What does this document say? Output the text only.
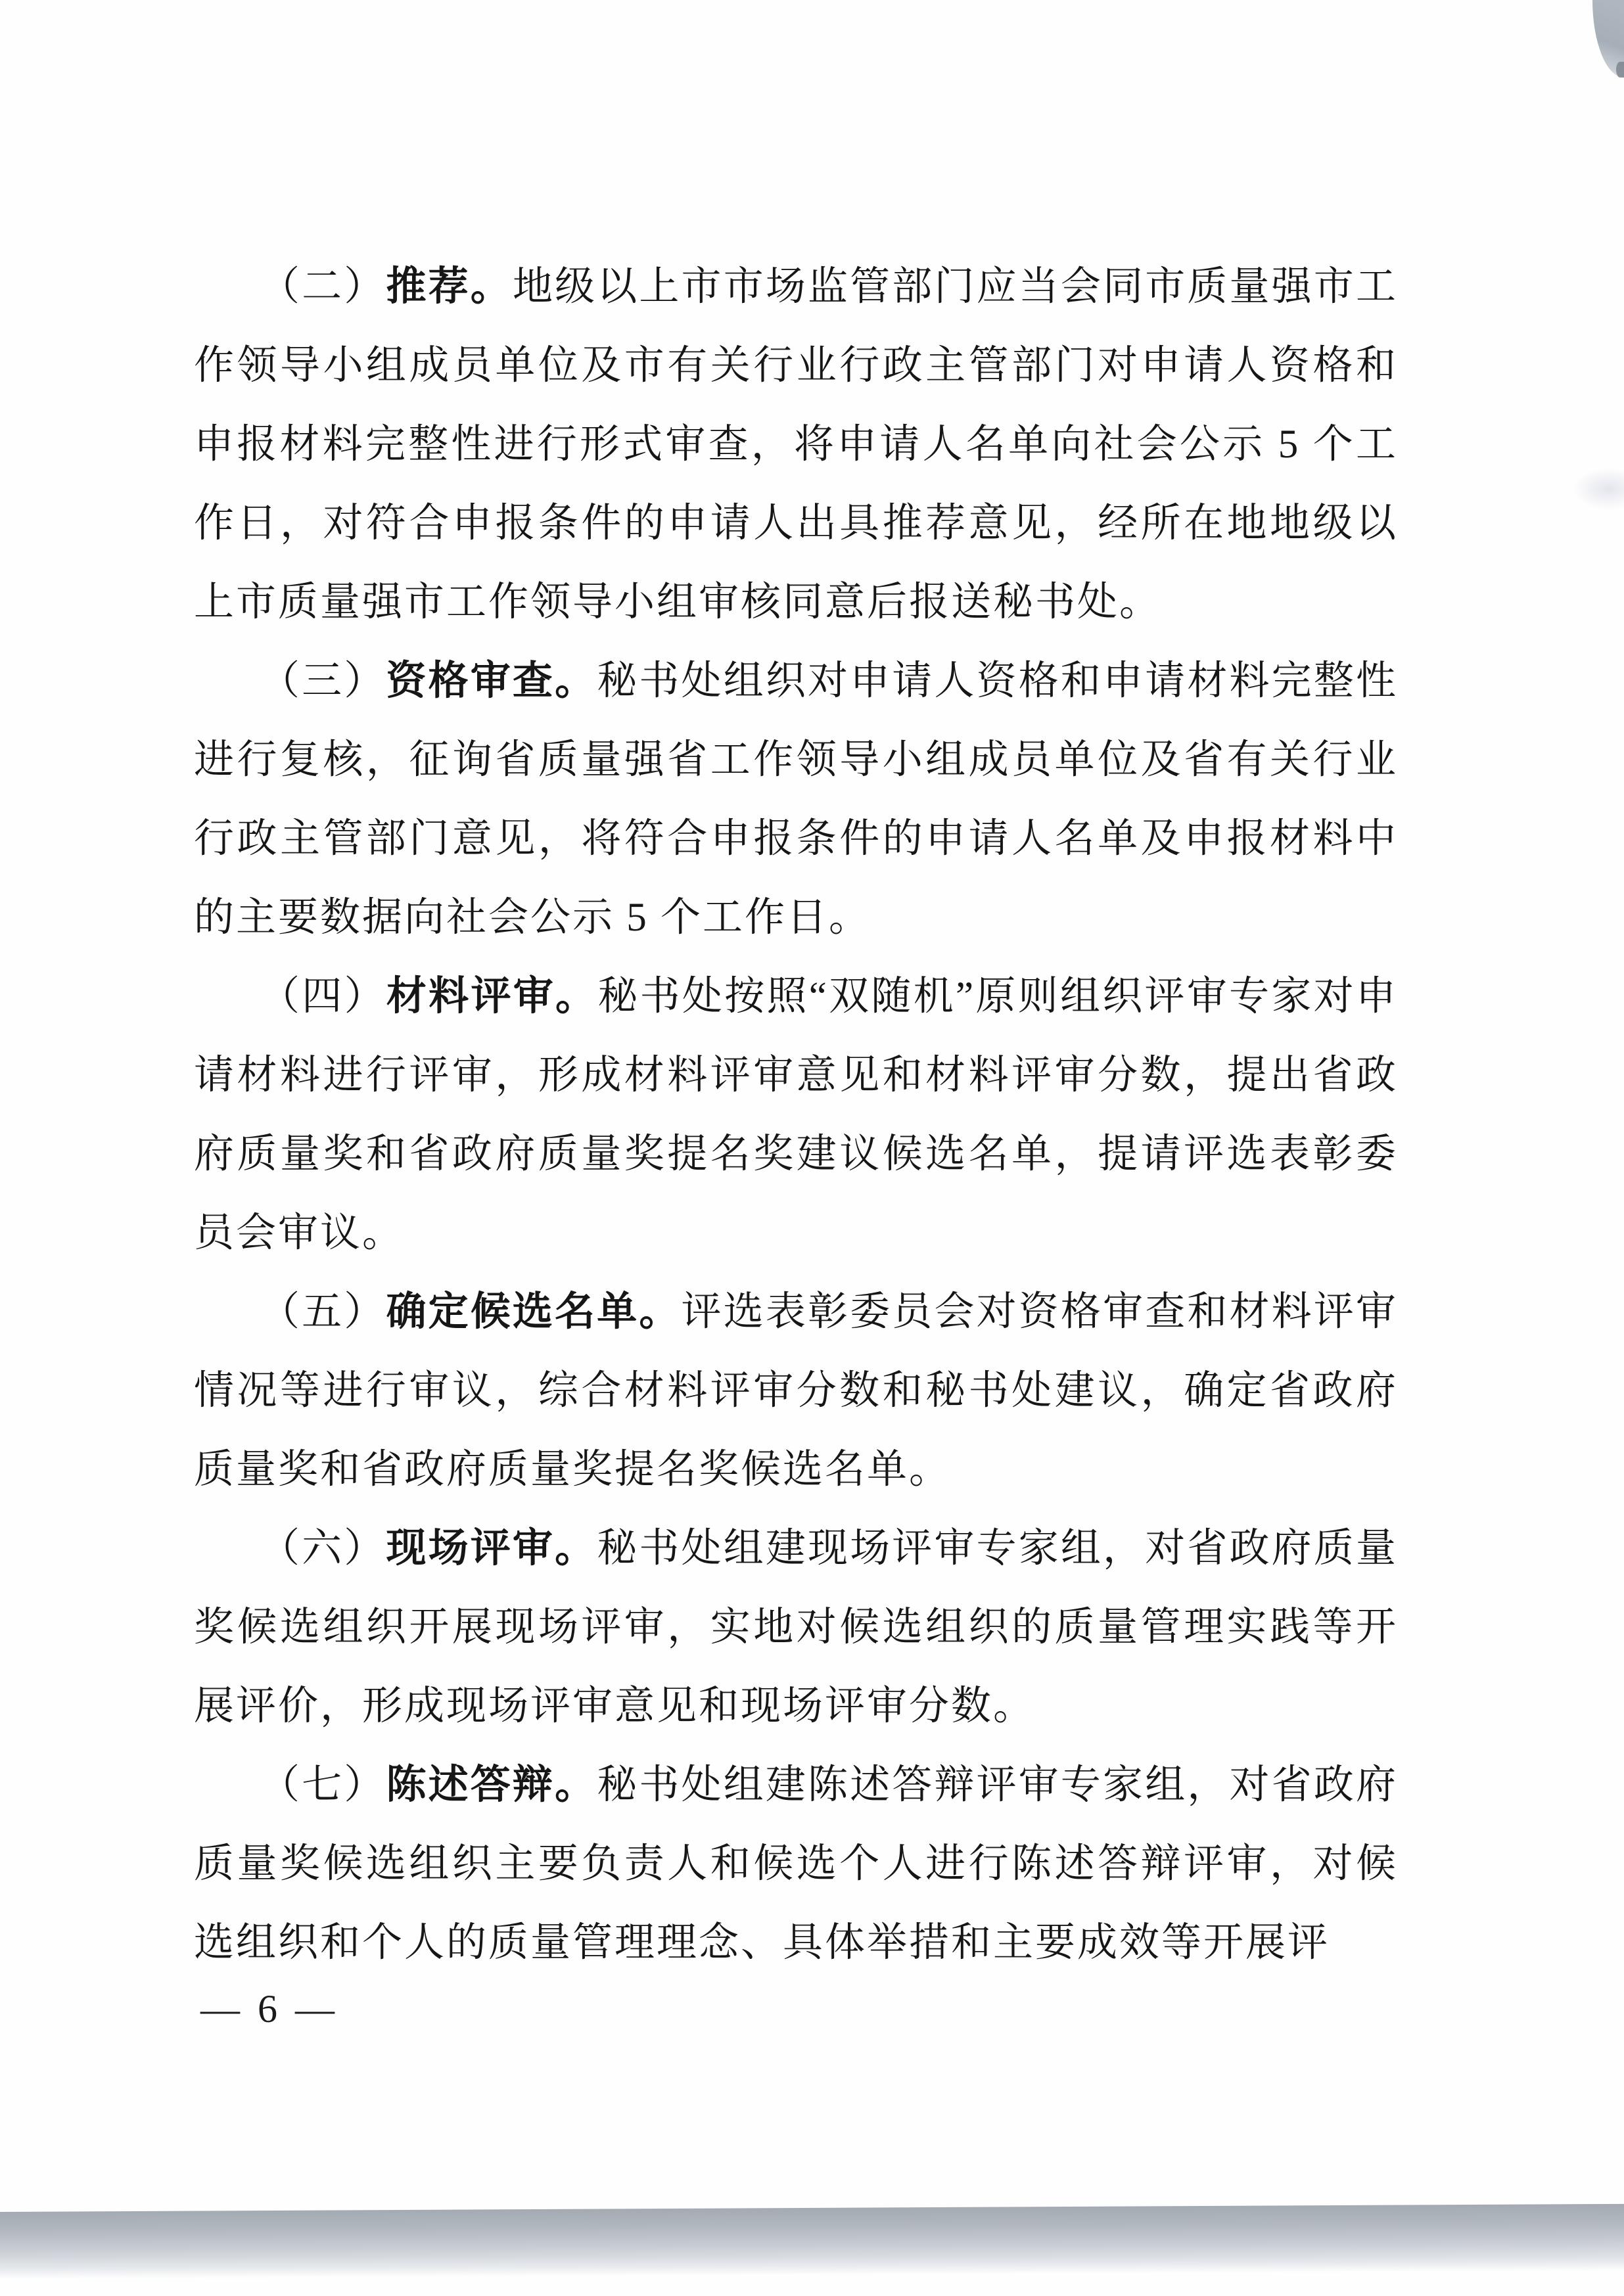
（二）推荐。地级以上市市场监管部门应当会同市质量强市工作领导小组成员单位及市有关行业行政主管部门对申请人资格和申报材料完整性进行形式审查，将申请人名单向社会公示 5 个工作日，对符合申报条件的申请人出具推荐意见，经所在地地级以上市质量强市工作领导小组审核同意后报送秘书处。

（三）资格审查。秘书处组织对申请人资格和申请材料完整性进行复核，征询省质量强省工作领导小组成员单位及省有关行业行政主管部门意见，将符合申报条件的申请人名单及申报材料中的主要数据向社会公示 5 个工作日。

（四）材料评审。秘书处按照“双随机”原则组织评审专家对申请材料进行评审，形成材料评审意见和材料评审分数，提出省政府质量奖和省政府质量奖提名奖建议候选名单，提请评选表彰委员会审议。

（五）确定候选名单。评选表彰委员会对资格审查和材料评审情况等进行审议，综合材料评审分数和秘书处建议，确定省政府质量奖和省政府质量奖提名奖候选名单。

（六）现场评审。秘书处组建现场评审专家组，对省政府质量奖候选组织开展现场评审，实地对候选组织的质量管理实践等开展评价，形成现场评审意见和现场评审分数。

（七）陈述答辩。秘书处组建陈述答辩评审专家组，对省政府质量奖候选组织主要负责人和候选个人进行陈述答辩评审，对候选组织和个人的质量管理理念、具体举措和主要成效等开展评

— 6 —
